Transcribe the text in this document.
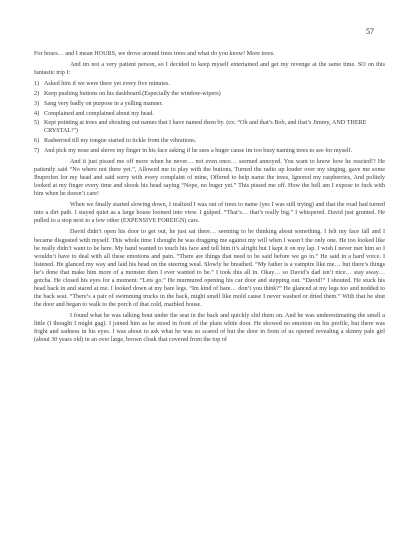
57

For hours… and I mean HOURS, we drove around trees trees and what do you know! More trees.

And im not a very patient person, so I decided to keep myself entertained and get my revenge at the same time. SO on this fantastic trip I:

1) Asked him if we were there yet every five minutes.
2) Keep pushing buttons on his dashboard.(Especially the window-wipers)
3) Sang very badly on purpose in a yelling manner.
4) Complained and complained about my head.
5) Kept pointing at trees and shouting out names that I have named them by. (ex: “Oh and that’s Bob, and that’s Jimmy, AND THERE CRYSTAL!”)
6) Rasberried till my tongue started to tickle from the vibrations.
7) And pick my nose and shove my finger in his face asking if he sees a buger cause im too busy naming trees to see for myself.

And it just pissed me off more when he never… not even once… seemed annoyed. You want to know how he reacted!? He patiently said “No where not there yet.”, Allowed me to play with the buttons, Turned the radio up louder over my singing, gave me some Ibuprofen for my head and said sorry with every complaint of mine, Offered to help name the trees, Ignored my raspberries, And politely looked at my finger every time and shook his head saying “Nope, no buger yet.” This pissed me off. How the hell am I expose to fuck with him when he doesn’t care!

When we finally started slowing down, I realized I was out of trees to name (yes I was still trying) and that the road had turned into a dirt path. I stayed quiet as a large house loomed into view. I gulped. “That’s… that’s really big.” I whispered. David just grunted. He pulled to a stop next to a few other (EXPENSIVE FOREIGN) cars.

David didn’t open his door to get out, he just sat there… seeming to be thinking about something. I felt my face fall and I became disgusted with myself. This whole time I thought he was dragging me against my will when I wasn’t the only one. He too looked like he really didn’t want to be here. My hand wanted to touch his face and tell him it’s alright but I kept it on my lap. I wish I never met him so I wouldn’t have to deal with all these emotions and pain. “There are things that need to be said before we go in.” He said in a hard voice. I listened. He glanced my way and laid his head on the steering weal. Slowly he breathed. “My father is a vampire like me… but there’s things he’s done that make him more of a monster then I ever wanted to be.” I took this all in. Okay… so David’s dad isn’t nice… stay away… gotcha. He closed his eyes for a moment. “Lets go.” He murmured opening his car door and stepping out. “David!” I shouted. He stuck his head back in and stared at me. I looked down at my bare legs. “Im kind of bare… don’t you think?” He glanced at my legs too and nodded to the back seat. “There’s a pair of swimming trucks in the back, might smell like mold cause I never washed or dried them.” With that he shut the door and began to walk to the porch of that cold, marbled house.

I found what he was talking bout under the seat in the back and quickly slid them on. And he was underestimating the smell a little (I thought I might gag). I joined him as he stood in front of the plain white door. He showed no emotion on his profile, but there was fright and sadness in his eyes. I was about to ask what he was so scared of but the door in front of us opened revealing a skinny pale girl (about 30 years old) in an over large, brown cloak that covered from the top of
